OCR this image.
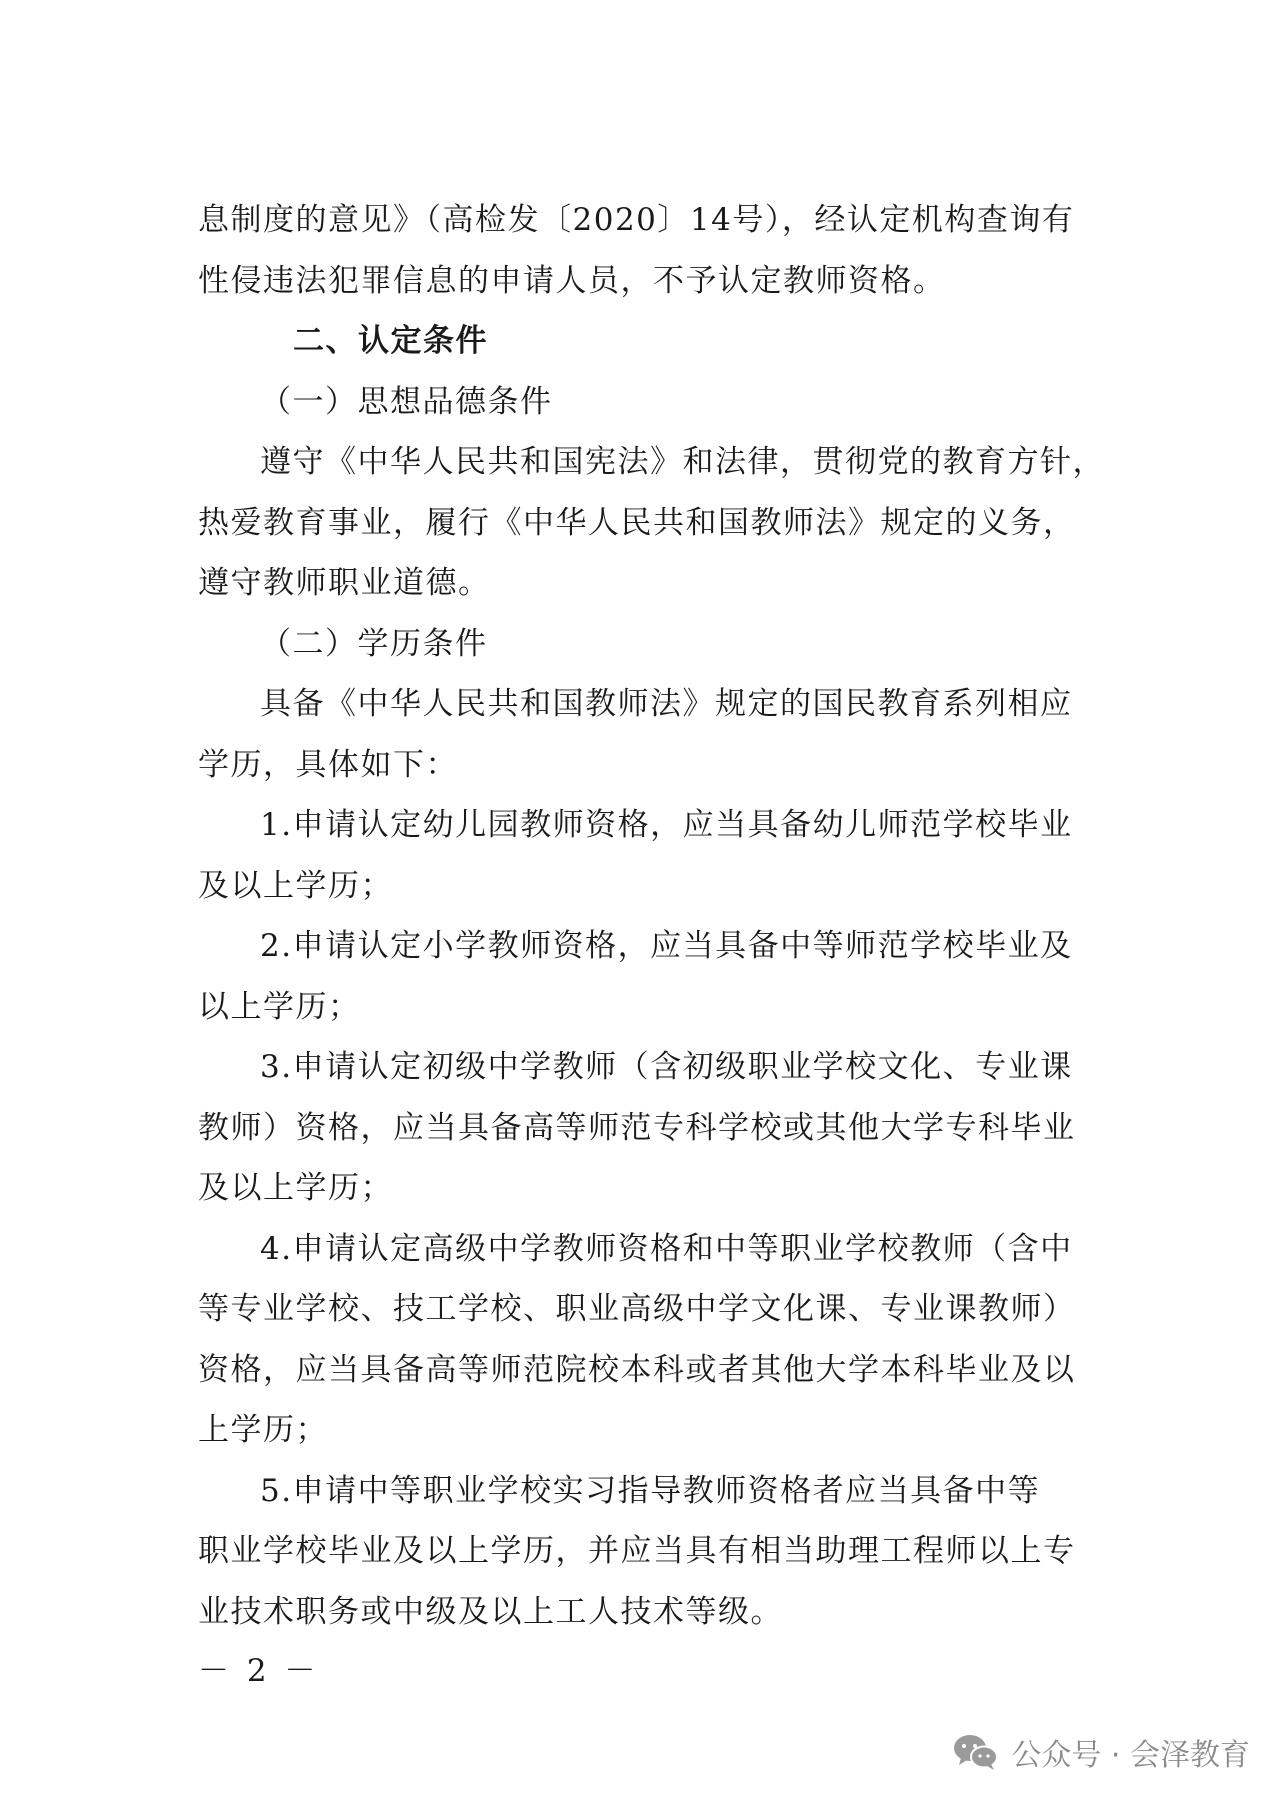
息制度的意见》（高检发〔2020〕14号），经认定机构查询有
性侵违法犯罪信息的申请人员，不予认定教师资格。
二、认定条件
（一）思想品德条件
遵守《中华人民共和国宪法》和法律，贯彻党的教育方针，
热爱教育事业，履行《中华人民共和国教师法》规定的义务，
遵守教师职业道德。
（二）学历条件
具备《中华人民共和国教师法》规定的国民教育系列相应
学历，具体如下：
1.申请认定幼儿园教师资格，应当具备幼儿师范学校毕业
及以上学历；
2.申请认定小学教师资格，应当具备中等师范学校毕业及
以上学历；
3.申请认定初级中学教师（含初级职业学校文化、专业课
教师）资格，应当具备高等师范专科学校或其他大学专科毕业
及以上学历；
4.申请认定高级中学教师资格和中等职业学校教师（含中
等专业学校、技工学校、职业高级中学文化课、专业课教师）
资格，应当具备高等师范院校本科或者其他大学本科毕业及以
上学历；
5.申请中等职业学校实习指导教师资格者应当具备中等
职业学校毕业及以上学历，并应当具有相当助理工程师以上专
业技术职务或中级及以上工人技术等级。
－ 2 －
公众号 · 会泽教育
